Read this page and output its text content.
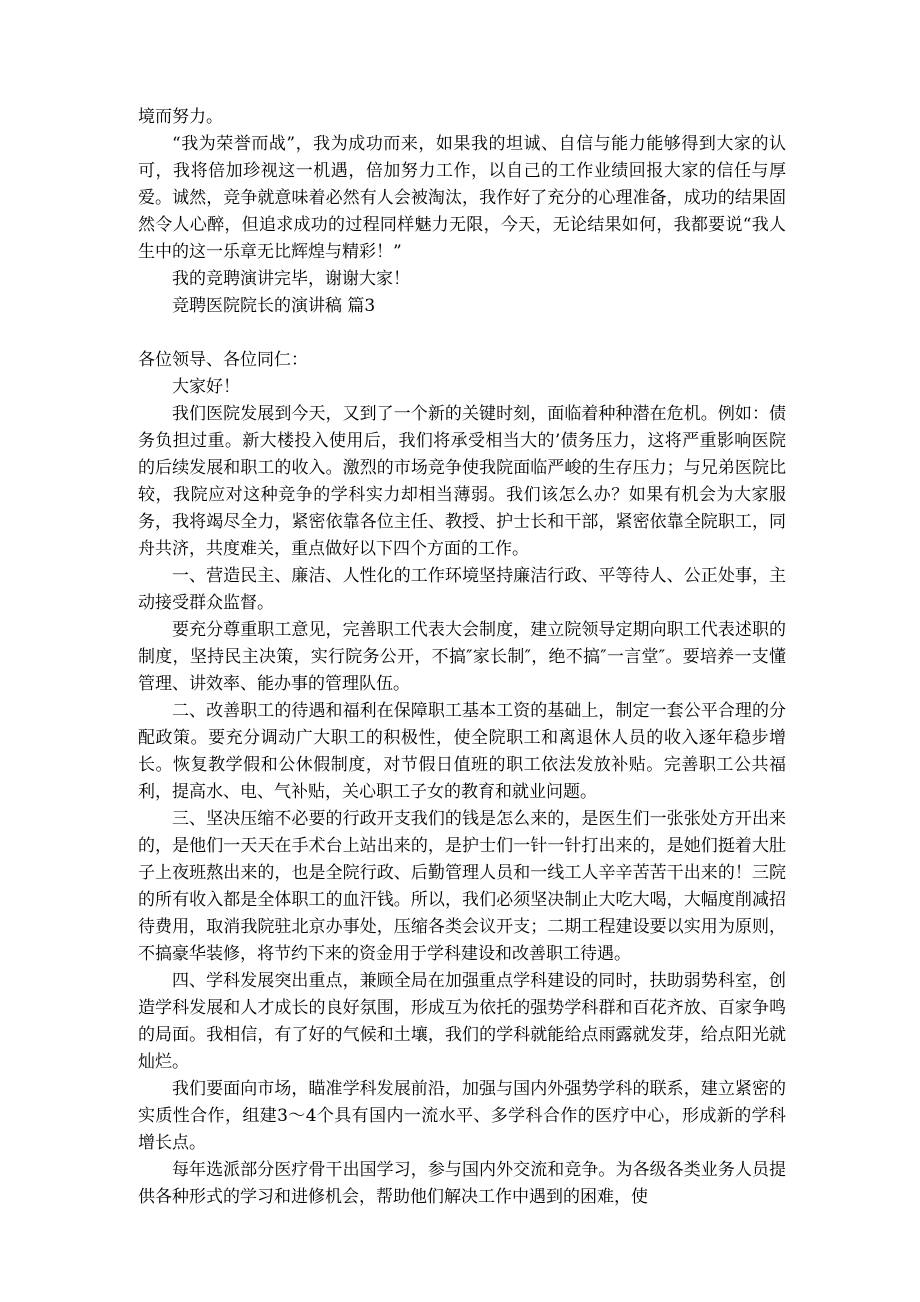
境而努力。

“我为荣誉而战”，我为成功而来，如果我的坦诚、自信与能力能够得到大家的认可，我将倍加珍视这一机遇，倍加努力工作，以自己的工作业绩回报大家的信任与厚爱。诚然，竞争就意味着必然有人会被淘汰，我作好了充分的心理准备，成功的结果固然令人心醉，但追求成功的过程同样魅力无限，今天，无论结果如何，我都要说“我人生中的这一乐章无比辉煌与精彩！”

我的竞聘演讲完毕，谢谢大家！

竞聘医院院长的演讲稿 篇3

各位领导、各位同仁：

大家好！

我们医院发展到今天，又到了一个新的关键时刻，面临着种种潜在危机。例如：债务负担过重。新大楼投入使用后，我们将承受相当大的’债务压力，这将严重影响医院的后续发展和职工的收入。激烈的市场竞争使我院面临严峻的生存压力；与兄弟医院比较，我院应对这种竞争的学科实力却相当薄弱。我们该怎么办？如果有机会为大家服务，我将竭尽全力，紧密依靠各位主任、教授、护士长和干部，紧密依靠全院职工，同舟共济，共度难关，重点做好以下四个方面的工作。

一、营造民主、廉洁、人性化的工作环境坚持廉洁行政、平等待人、公正处事，主动接受群众监督。

要充分尊重职工意见，完善职工代表大会制度，建立院领导定期向职工代表述职的制度，坚持民主决策，实行院务公开，不搞″家长制″，绝不搞″一言堂″。要培养一支懂管理、讲效率、能办事的管理队伍。

二、改善职工的待遇和福利在保障职工基本工资的基础上，制定一套公平合理的分配政策。要充分调动广大职工的积极性，使全院职工和离退休人员的收入逐年稳步增长。恢复教学假和公休假制度，对节假日值班的职工依法发放补贴。完善职工公共福利，提高水、电、气补贴，关心职工子女的教育和就业问题。

三、坚决压缩不必要的行政开支我们的钱是怎么来的，是医生们一张张处方开出来的，是他们一天天在手术台上站出来的，是护士们一针一针打出来的，是她们挺着大肚子上夜班熬出来的，也是全院行政、后勤管理人员和一线工人辛辛苦苦干出来的！三院的所有收入都是全体职工的血汗钱。所以，我们必须坚决制止大吃大喝，大幅度削减招待费用，取消我院驻北京办事处，压缩各类会议开支；二期工程建设要以实用为原则，不搞豪华装修，将节约下来的资金用于学科建设和改善职工待遇。

四、学科发展突出重点，兼顾全局在加强重点学科建设的同时，扶助弱势科室，创造学科发展和人才成长的良好氛围，形成互为依托的强势学科群和百花齐放、百家争鸣的局面。我相信，有了好的气候和土壤，我们的学科就能给点雨露就发芽，给点阳光就灿烂。

我们要面向市场，瞄准学科发展前沿，加强与国内外强势学科的联系，建立紧密的实质性合作，组建3～4个具有国内一流水平、多学科合作的医疗中心，形成新的学科增长点。

每年选派部分医疗骨干出国学习，参与国内外交流和竞争。为各级各类业务人员提供各种形式的学习和进修机会，帮助他们解决工作中遇到的困难，使
